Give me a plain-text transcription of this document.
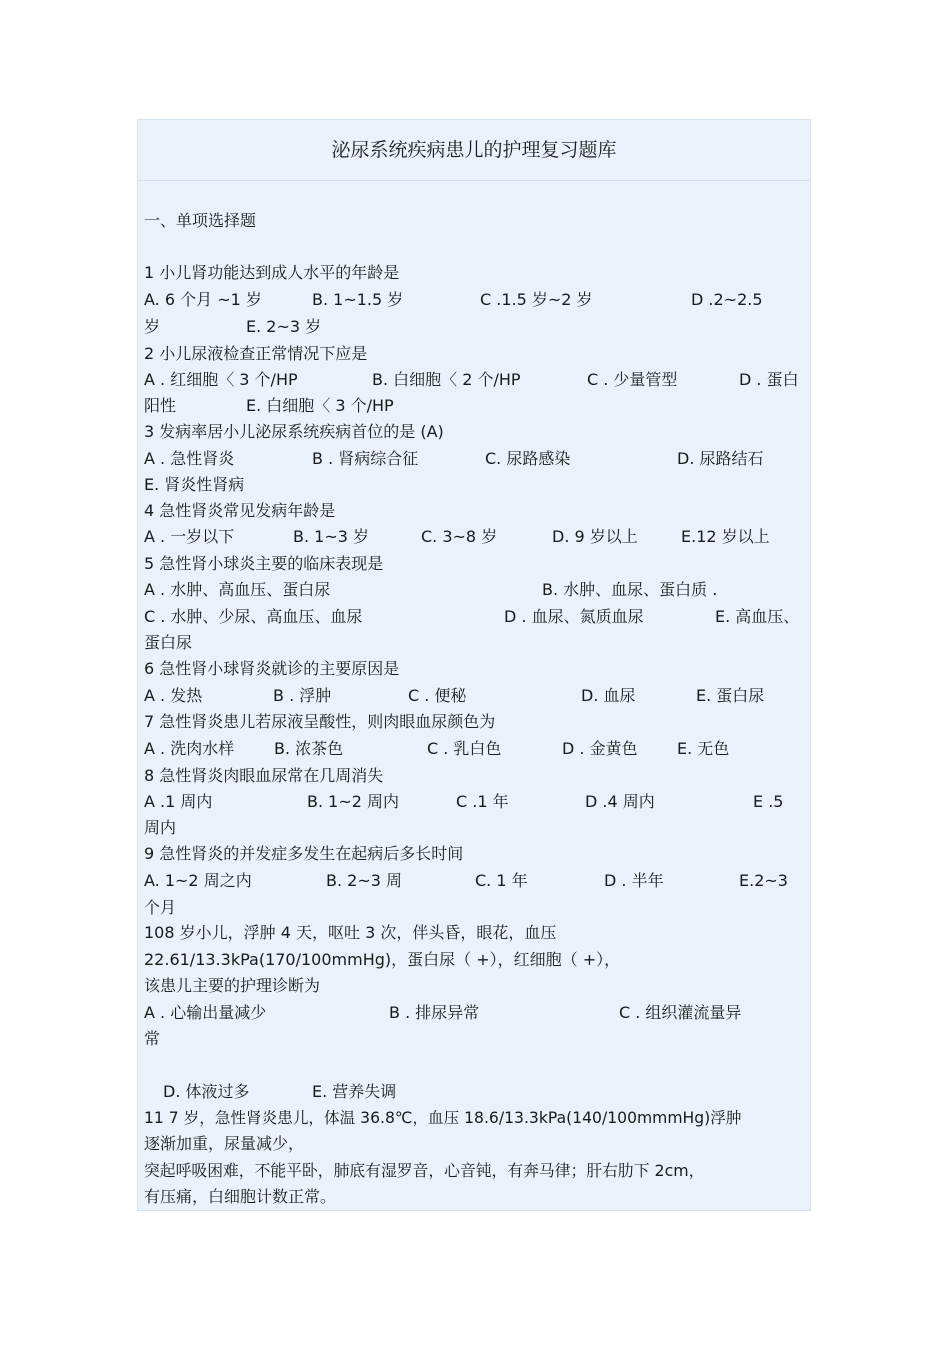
泌尿系统疾病患儿的护理复习题库
一、单项选择题
1 小儿肾功能达到成人水平的年龄是
A. 6 个月 ~1 岁	B. 1~1.5 岁	C .1.5 岁~2 岁	D .2~2.5
岁	E. 2~3 岁
2 小儿尿液检查正常情况下应是
A . 红细胞〈 3 个/HP	B. 白细胞〈 2 个/HP	C . 少量管型	D . 蛋白
阳性	E. 白细胞〈 3 个/HP
3 发病率居小儿泌尿系统疾病首位的是 (A)
A . 急性肾炎	B . 肾病综合征	C. 尿路感染	D. 尿路结石
E. 肾炎性肾病
4 急性肾炎常见发病年龄是
A . 一岁以下	B. 1~3 岁	C. 3~8 岁	D. 9 岁以上	E.12 岁以上
5 急性肾小球炎主要的临床表现是
A . 水肿、高血压、蛋白尿	B. 水肿、血尿、蛋白质 .
C . 水肿、少尿、高血压、血尿	D . 血尿、氮质血尿	E. 高血压、
蛋白尿
6 急性肾小球肾炎就诊的主要原因是
A . 发热	B . 浮肿	C . 便秘	D. 血尿	E. 蛋白尿
7 急性肾炎患儿若尿液呈酸性，则肉眼血尿颜色为
A . 洗肉水样 B. 浓茶色	C . 乳白色	D . 金黄色 E. 无色
8 急性肾炎肉眼血尿常在几周消失
A .1 周内	B. 1~2 周内	C .1 年	D .4 周内	E .5
周内
9 急性肾炎的并发症多发生在起病后多长时间
A. 1~2 周之内	B. 2~3 周	C. 1 年	D . 半年	E.2~3
个月
108 岁小儿，浮肿 4 天，呕吐 3 次，伴头昏，眼花，血压
22.61/13.3kPa(170/100mmHg)，蛋白尿（ +），红细胞（ +），
该患儿主要的护理诊断为
A . 心输出量减少	B . 排尿异常	C . 组织灌流量异
常
D. 体液过多	E. 营养失调
11 7 岁，急性肾炎患儿，体温 36.8℃，血压 18.6/13.3kPa(140/100mmmHg)浮肿
逐渐加重，尿量减少，
突起呼吸困难，不能平卧，肺底有湿罗音，心音钝，有奔马律；肝右肋下 2cm，
有压痛，白细胞计数正常。
